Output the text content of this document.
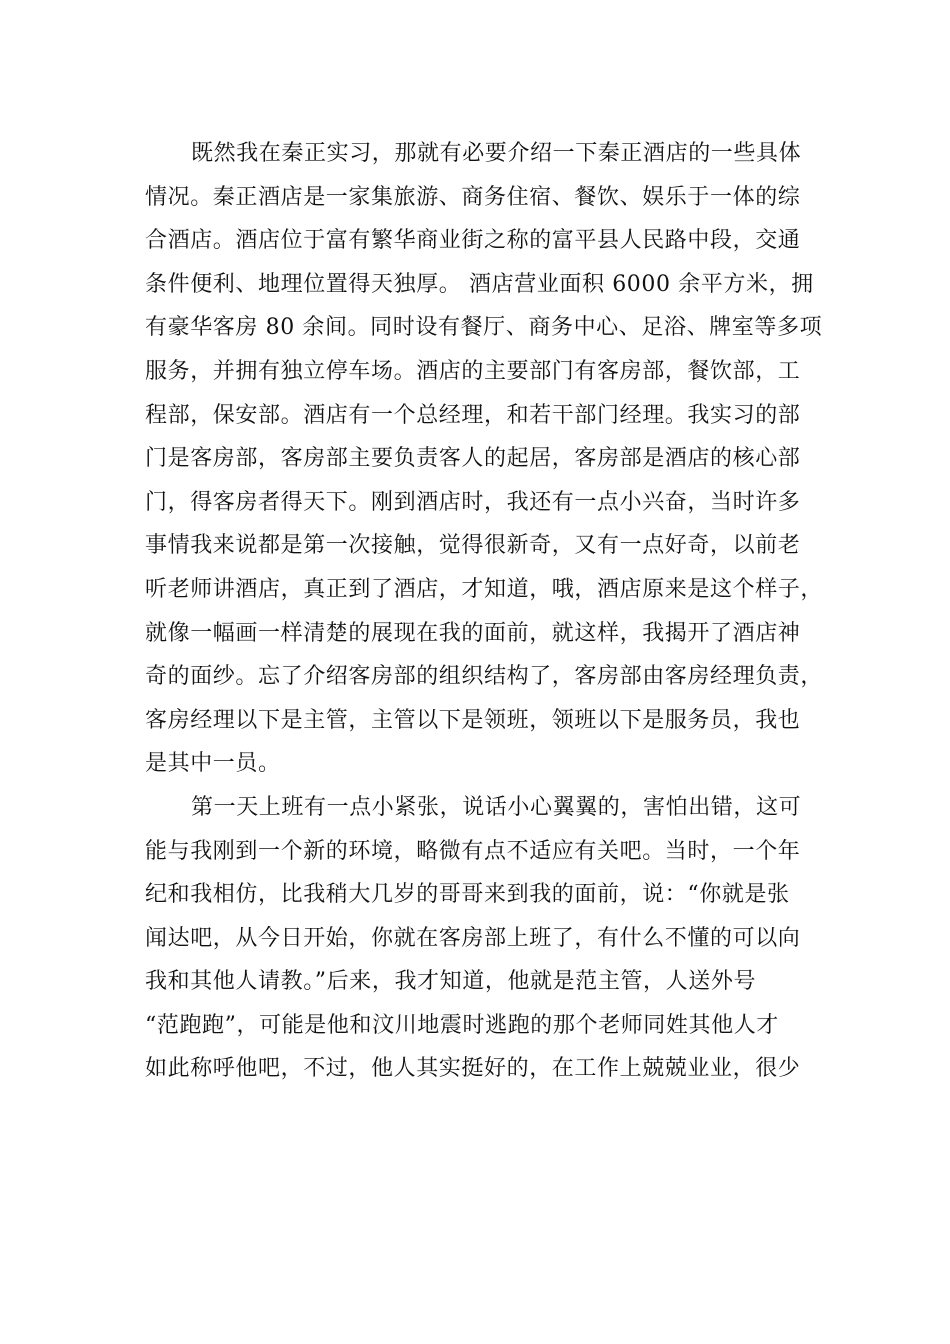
既然我在秦正实习，那就有必要介绍一下秦正酒店的一些具体
情况。秦正酒店是一家集旅游、商务住宿、餐饮、娱乐于一体的综
合酒店。酒店位于富有繁华商业街之称的富平县人民路中段，交通
条件便利、地理位置得天独厚。 酒店营业面积 6000 余平方米，拥
有豪华客房 80 余间。同时设有餐厅、商务中心、足浴、牌室等多项
服务，并拥有独立停车场。酒店的主要部门有客房部，餐饮部，工
程部，保安部。酒店有一个总经理，和若干部门经理。我实习的部
门是客房部，客房部主要负责客人的起居，客房部是酒店的核心部
门，得客房者得天下。刚到酒店时，我还有一点小兴奋，当时许多
事情我来说都是第一次接触，觉得很新奇，又有一点好奇，以前老
听老师讲酒店，真正到了酒店，才知道，哦，酒店原来是这个样子，
就像一幅画一样清楚的展现在我的面前，就这样，我揭开了酒店神
奇的面纱。忘了介绍客房部的组织结构了，客房部由客房经理负责，
客房经理以下是主管，主管以下是领班，领班以下是服务员，我也
是其中一员。
第一天上班有一点小紧张，说话小心翼翼的，害怕出错，这可
能与我刚到一个新的环境，略微有点不适应有关吧。当时，一个年
纪和我相仿，比我稍大几岁的哥哥来到我的面前，说：“你就是张
闻达吧，从今日开始，你就在客房部上班了，有什么不懂的可以向
我和其他人请教。”后来，我才知道，他就是范主管，人送外号
“范跑跑”，可能是他和汶川地震时逃跑的那个老师同姓其他人才
如此称呼他吧，不过，他人其实挺好的，在工作上兢兢业业，很少
